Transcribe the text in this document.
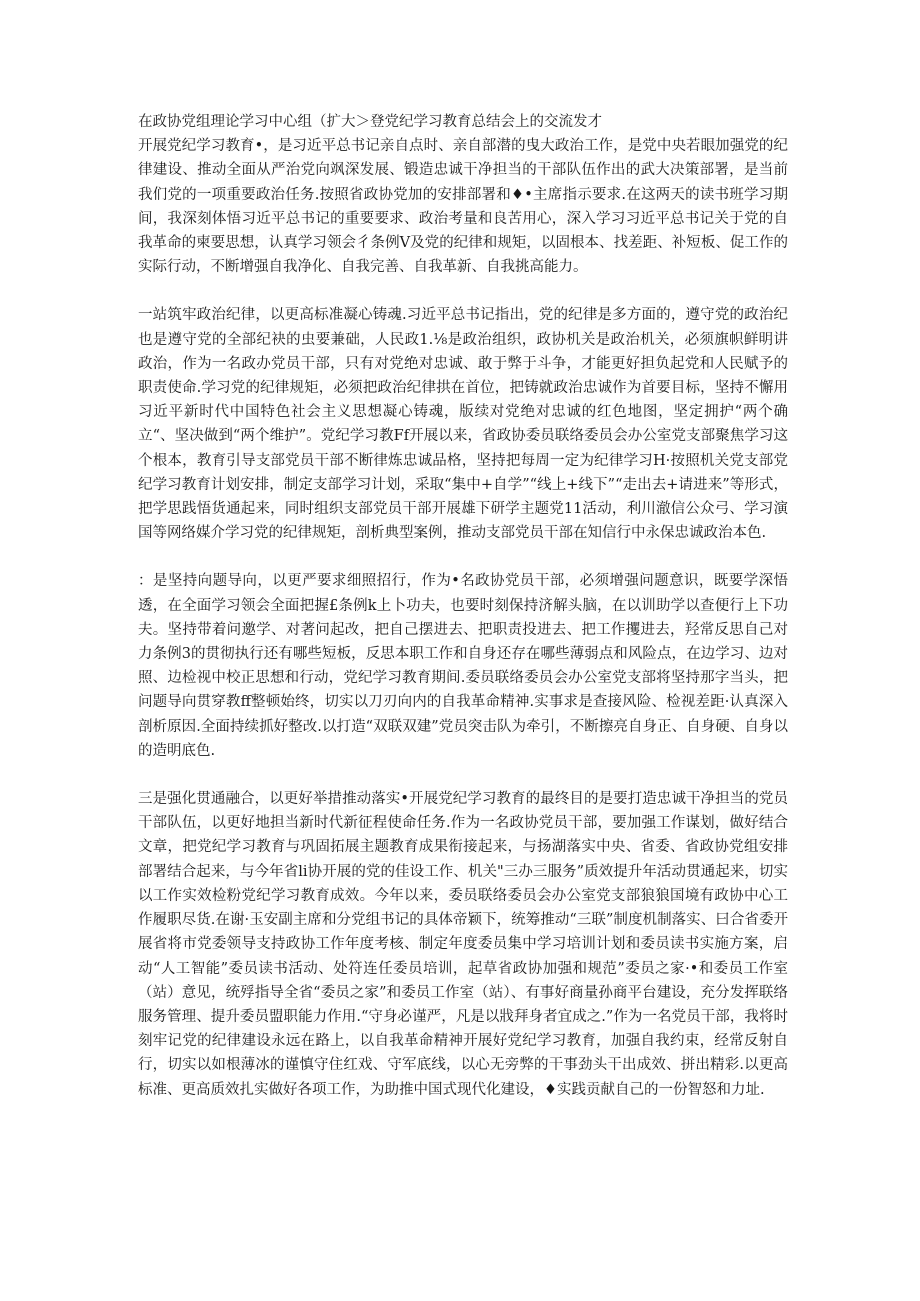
在政协党组理论学习中心组（扩大＞登党纪学习教育总结会上的交流发才

开展党纪学习教育•，是习近平总书记亲自点时、亲自部潜的曳大政治工作，是党中央若眼加强党的纪律建设、推动全面从严治党向飒深发展、锻造忠诚干净担当的干部队伍作出的武大决策部署，是当前我们党的一项重要政治任务.按照省政协党加的安排部署和♦•主席指示要求.在这两天的读书班学习期间，我深刻体悟习近平总书记的重要要求、政治考量和良苦用心，深入学习习近平总书记关于党的自我革命的柬要思想，认真学习领会彳条例V及党的纪律和规矩，以固根本、找差距、补短板、促工作的实际行动，不断增强自我净化、自我完善、自我革新、自我挑高能力。

一站筑牢政治纪律，以更高标准凝心铸魂.习近平总书记指出，党的纪律是多方面的，遵守党的政治纪也是遵守党的全部纪袂的虫要兼础，人民政1.⅛是政治组织，政协机关是政治机关，必须旗帜鲜明讲政治，作为一名政办党员干部，只有对党绝对忠诚、敢于弊于斗争，才能更好担负起党和人民赋予的职责使命.学习党的纪律规矩，必须把政治纪律拱在首位，把铸就政治忠诚作为首要目标，坚持不懈用习近平新时代中国特色社会主义思想凝心铸魂，版续对党绝对忠诚的红色地图，坚定拥护“两个确立“、坚决做到“两个维护”。党纪学习教Ff开展以来，省政协委员联络委员会办公室党支部聚焦学习这个根本，教育引导支部党员干部不断律炼忠诚品格，坚持把每周一定为纪律学习H·按照机关党支部党纪学习教育计划安排，制定支部学习计划，采取“集中+自学”“线上+线下”“走出去+请进来”等形式，把学思践悟货通起来，同时组织支部党员干部开展雄下研学主题党11活动，利川澈信公众弓、学习演国等网络媒介学习党的纪律规矩，剖析典型案例，推动支部党员干部在知信行中永保忠诚政治本色.

：是坚持向题导向，以更严要求细照招行，作为•名政协党员干部，必须增强问题意识，既要学深悟透，在全面学习领会全面把握£条例k上卜功夫，也要时刻保持济解头脑，在以训助学以查便行上下功夫。坚持带着问邀学、对著问起改，把自己摆进去、把职责投进去、把工作攫进去，羟常反思自己对力条例3的贯彻执行还有哪些短板，反思本职工作和自身还存在哪些薄弱点和风险点，在边学习、边对照、边检视中校正思想和行动，党纪学习教育期间.委员联络委员会办公室党支部将坚持那字当头，把问题导向贯穿教ff整顿始终，切实以刀刃向内的自我革命精神.实事求是查接风险、检视差距·认真深入剖析原因.全面持续抓好整改.以打造“双联双建”党员突击队为牵引，不断擦亮自身正、自身硬、自身以的造明底色.

三是强化贯通融合，以更好举措推动落实•开展党纪学习教育的最终目的是要打造忠诚干净担当的党员干部队伍，以更好地担当新时代新征程使命任务.作为一名政协党员干部，要加强工作谋划，做好结合文章，把党纪学习教育与巩固拓展主题教育成果衔接起来，与扬湖落实中央、省委、省政协党组安排部署结合起来，与今年省li协开展的党的佳设工作、机关"三办三服务”质效提升年活动贯通起来，切实以工作实效检粉党纪学习教育成效。今年以来，委员联络委员会办公室党支部狼狼国境有政协中心工作履职尽货.在谢·玉安副主席和分党组书记的具体帝颖下，统筹推动“三联”制度机制落实、曰合省委开展省将市党委领导支持政协工作年度考核、制定年度委员集中学习培训计划和委员读书实施方案，启动“人工智能”委员读书活动、处符连任委员培训，起草省政协加强和规范”委员之家·•和委员工作室（站）意见，统殍指导全省“委员之家”和委员工作室（站）、有事好商量孙商平台建设，充分发挥联络服务管理、提升委员盟职能力作用.“守身必谨严，凡是以戕拜身者宜成之.”作为一名党员干部，我将时刻牢记党的纪律建设永远在路上，以自我革命精神开展好党纪学习教育，加强自我约束，经常反射自行，切实以如根薄冰的谨慎守住红戏、守军底线，以心无旁弊的干事劲头干出成效、拼出精彩.以更高标准、更高质效扎实做好各项工作，为助推中国式现代化建设，♦实践贡献自己的一份智怒和力址.
